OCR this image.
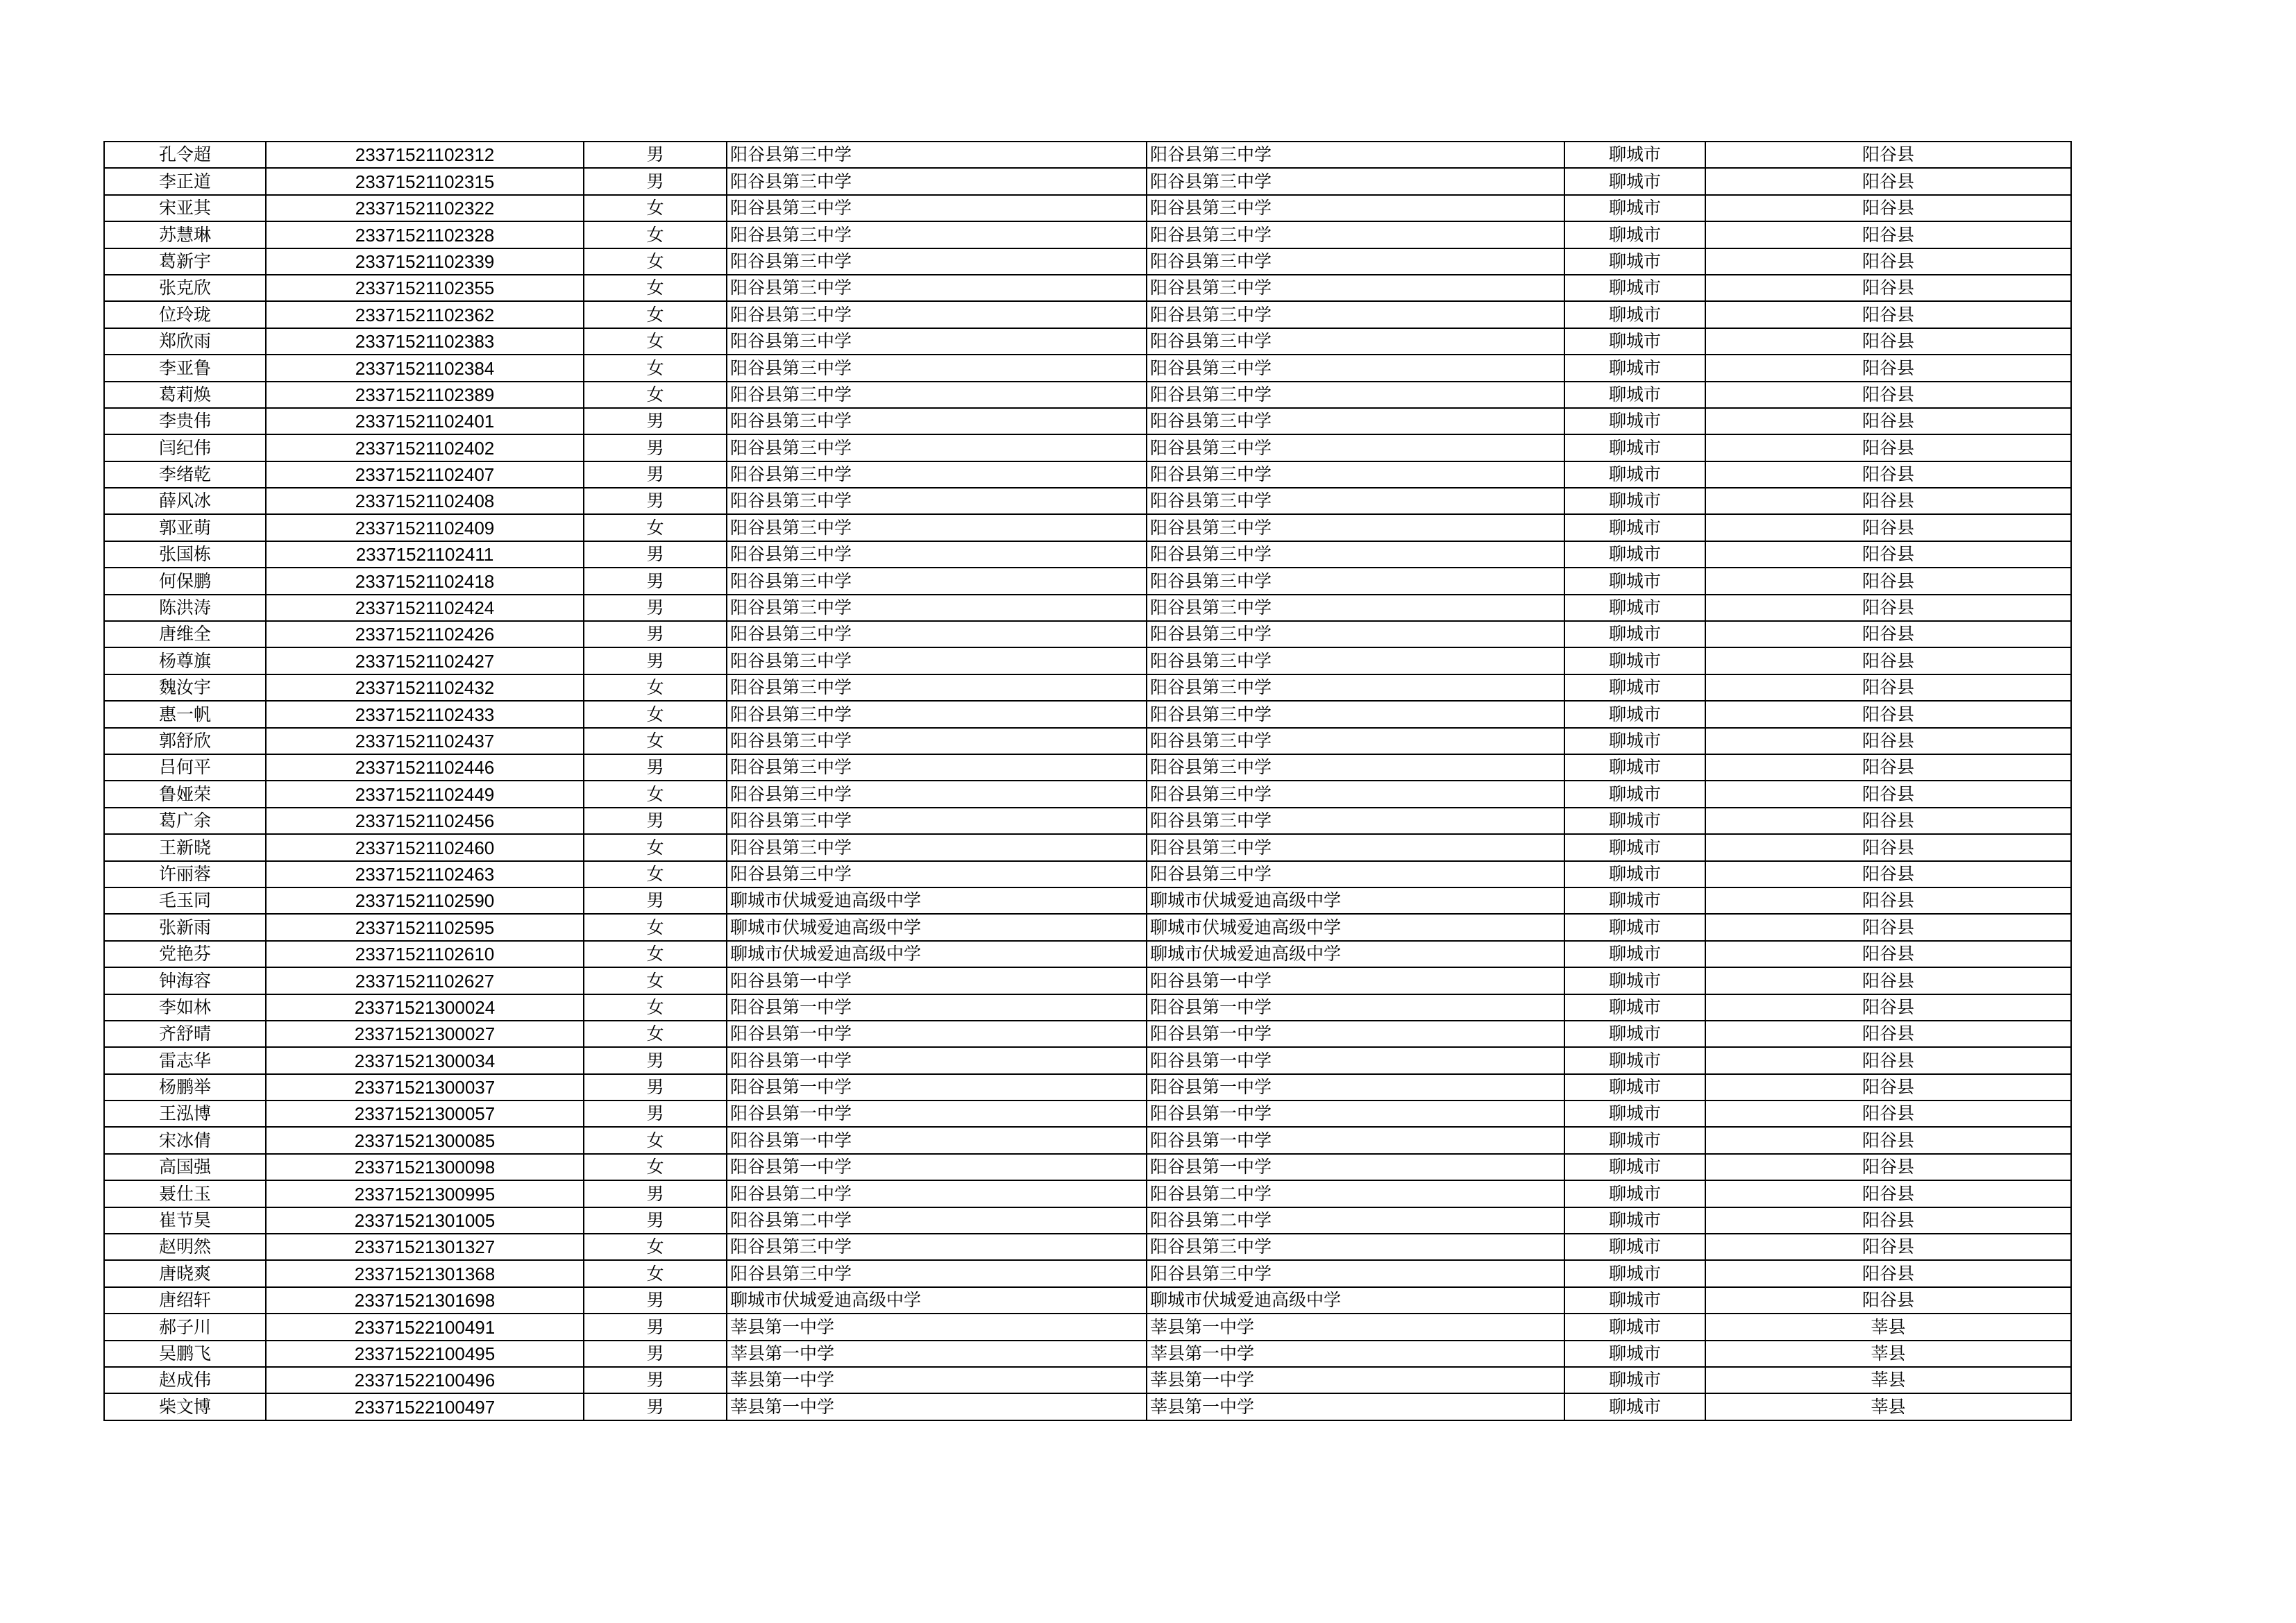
孔令超	23371521102312	男	阳谷县第三中学	阳谷县第三中学	聊城市	阳谷县
李正道	23371521102315	男	阳谷县第三中学	阳谷县第三中学	聊城市	阳谷县
宋亚其	23371521102322	女	阳谷县第三中学	阳谷县第三中学	聊城市	阳谷县
苏慧琳	23371521102328	女	阳谷县第三中学	阳谷县第三中学	聊城市	阳谷县
葛新宇	23371521102339	女	阳谷县第三中学	阳谷县第三中学	聊城市	阳谷县
张克欣	23371521102355	女	阳谷县第三中学	阳谷县第三中学	聊城市	阳谷县
位玲珑	23371521102362	女	阳谷县第三中学	阳谷县第三中学	聊城市	阳谷县
郑欣雨	23371521102383	女	阳谷县第三中学	阳谷县第三中学	聊城市	阳谷县
李亚鲁	23371521102384	女	阳谷县第三中学	阳谷县第三中学	聊城市	阳谷县
葛莉焕	23371521102389	女	阳谷县第三中学	阳谷县第三中学	聊城市	阳谷县
李贵伟	23371521102401	男	阳谷县第三中学	阳谷县第三中学	聊城市	阳谷县
闫纪伟	23371521102402	男	阳谷县第三中学	阳谷县第三中学	聊城市	阳谷县
李绪乾	23371521102407	男	阳谷县第三中学	阳谷县第三中学	聊城市	阳谷县
薛风冰	23371521102408	男	阳谷县第三中学	阳谷县第三中学	聊城市	阳谷县
郭亚萌	23371521102409	女	阳谷县第三中学	阳谷县第三中学	聊城市	阳谷县
张国栋	23371521102411	男	阳谷县第三中学	阳谷县第三中学	聊城市	阳谷县
何保鹏	23371521102418	男	阳谷县第三中学	阳谷县第三中学	聊城市	阳谷县
陈洪涛	23371521102424	男	阳谷县第三中学	阳谷县第三中学	聊城市	阳谷县
唐维全	23371521102426	男	阳谷县第三中学	阳谷县第三中学	聊城市	阳谷县
杨尊旗	23371521102427	男	阳谷县第三中学	阳谷县第三中学	聊城市	阳谷县
魏汝宇	23371521102432	女	阳谷县第三中学	阳谷县第三中学	聊城市	阳谷县
惠一帆	23371521102433	女	阳谷县第三中学	阳谷县第三中学	聊城市	阳谷县
郭舒欣	23371521102437	女	阳谷县第三中学	阳谷县第三中学	聊城市	阳谷县
吕何平	23371521102446	男	阳谷县第三中学	阳谷县第三中学	聊城市	阳谷县
鲁娅荣	23371521102449	女	阳谷县第三中学	阳谷县第三中学	聊城市	阳谷县
葛广余	23371521102456	男	阳谷县第三中学	阳谷县第三中学	聊城市	阳谷县
王新晓	23371521102460	女	阳谷县第三中学	阳谷县第三中学	聊城市	阳谷县
许丽蓉	23371521102463	女	阳谷县第三中学	阳谷县第三中学	聊城市	阳谷县
毛玉同	23371521102590	男	聊城市伏城爱迪高级中学	聊城市伏城爱迪高级中学	聊城市	阳谷县
张新雨	23371521102595	女	聊城市伏城爱迪高级中学	聊城市伏城爱迪高级中学	聊城市	阳谷县
党艳芬	23371521102610	女	聊城市伏城爱迪高级中学	聊城市伏城爱迪高级中学	聊城市	阳谷县
钟海容	23371521102627	女	阳谷县第一中学	阳谷县第一中学	聊城市	阳谷县
李如林	23371521300024	女	阳谷县第一中学	阳谷县第一中学	聊城市	阳谷县
齐舒晴	23371521300027	女	阳谷县第一中学	阳谷县第一中学	聊城市	阳谷县
雷志华	23371521300034	男	阳谷县第一中学	阳谷县第一中学	聊城市	阳谷县
杨鹏举	23371521300037	男	阳谷县第一中学	阳谷县第一中学	聊城市	阳谷县
王泓博	23371521300057	男	阳谷县第一中学	阳谷县第一中学	聊城市	阳谷县
宋冰倩	23371521300085	女	阳谷县第一中学	阳谷县第一中学	聊城市	阳谷县
高国强	23371521300098	女	阳谷县第一中学	阳谷县第一中学	聊城市	阳谷县
聂仕玉	23371521300995	男	阳谷县第二中学	阳谷县第二中学	聊城市	阳谷县
崔节昊	23371521301005	男	阳谷县第二中学	阳谷县第二中学	聊城市	阳谷县
赵明然	23371521301327	女	阳谷县第三中学	阳谷县第三中学	聊城市	阳谷县
唐晓爽	23371521301368	女	阳谷县第三中学	阳谷县第三中学	聊城市	阳谷县
唐绍轩	23371521301698	男	聊城市伏城爱迪高级中学	聊城市伏城爱迪高级中学	聊城市	阳谷县
郝子川	23371522100491	男	莘县第一中学	莘县第一中学	聊城市	莘县
吴鹏飞	23371522100495	男	莘县第一中学	莘县第一中学	聊城市	莘县
赵成伟	23371522100496	男	莘县第一中学	莘县第一中学	聊城市	莘县
柴文博	23371522100497	男	莘县第一中学	莘县第一中学	聊城市	莘县
